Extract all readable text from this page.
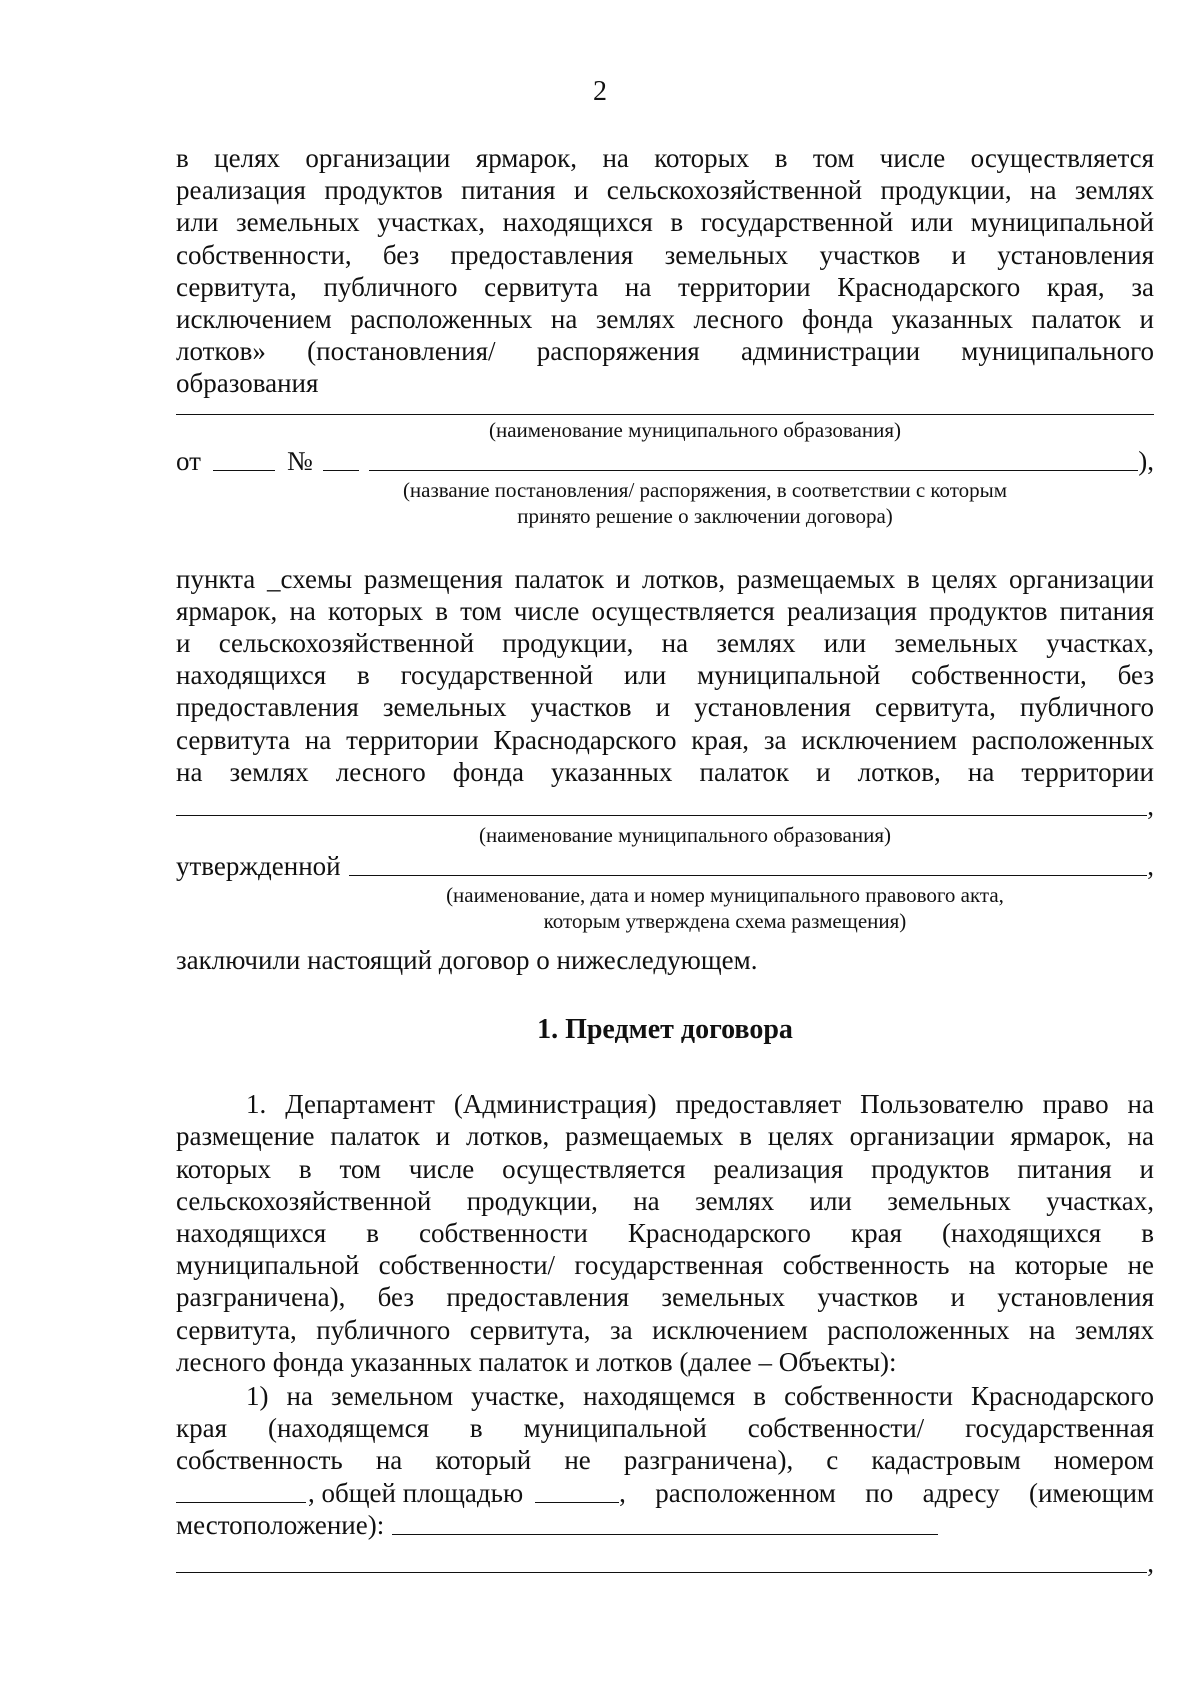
2
в целях организации ярмарок, на которых в том числе осуществляется
реализация продуктов питания и сельскохозяйственной продукции, на землях
или земельных участках, находящихся в государственной или муниципальной
собственности, без предоставления земельных участков и установления
сервитута, публичного сервитута на территории Краснодарского края, за
исключением расположенных на землях лесного фонда указанных палаток и
лотков» (постановления/ распоряжения администрации муниципального
образования
(наименование муниципального образования)
от	№	),
(название постановления/ распоряжения, в соответствии с которым
принято решение о заключении договора)
пункта _схемы размещения палаток и лотков, размещаемых в целях организации
ярмарок, на которых в том числе осуществляется реализация продуктов питания
и сельскохозяйственной продукции, на землях или земельных участках,
находящихся в государственной или муниципальной собственности, без
предоставления земельных участков и установления сервитута, публичного
сервитута на территории Краснодарского края, за исключением расположенных
на землях лесного фонда указанных палаток и лотков, на территории
,
(наименование муниципального образования)
утвержденной	,
(наименование, дата и номер муниципального правового акта,
которым утверждена схема размещения)
заключили настоящий договор о нижеследующем.
1. Предмет договора
1. Департамент (Администрация) предоставляет Пользователю право на
размещение палаток и лотков, размещаемых в целях организации ярмарок, на
которых в том числе осуществляется реализация продуктов питания и
сельскохозяйственной продукции, на землях или земельных участках,
находящихся в собственности Краснодарского края (находящихся в
муниципальной собственности/ государственная собственность на которые не
разграничена), без предоставления земельных участков и установления
сервитута, публичного сервитута, за исключением расположенных на землях
лесного фонда указанных палаток и лотков (далее – Объекты):
1) на земельном участке, находящемся в собственности Краснодарского
края (находящемся в муниципальной собственности/ государственная
собственность на который не разграничена), с кадастровым номером
, общей площадью	, расположенном по адресу (имеющим
местоположение):
,
